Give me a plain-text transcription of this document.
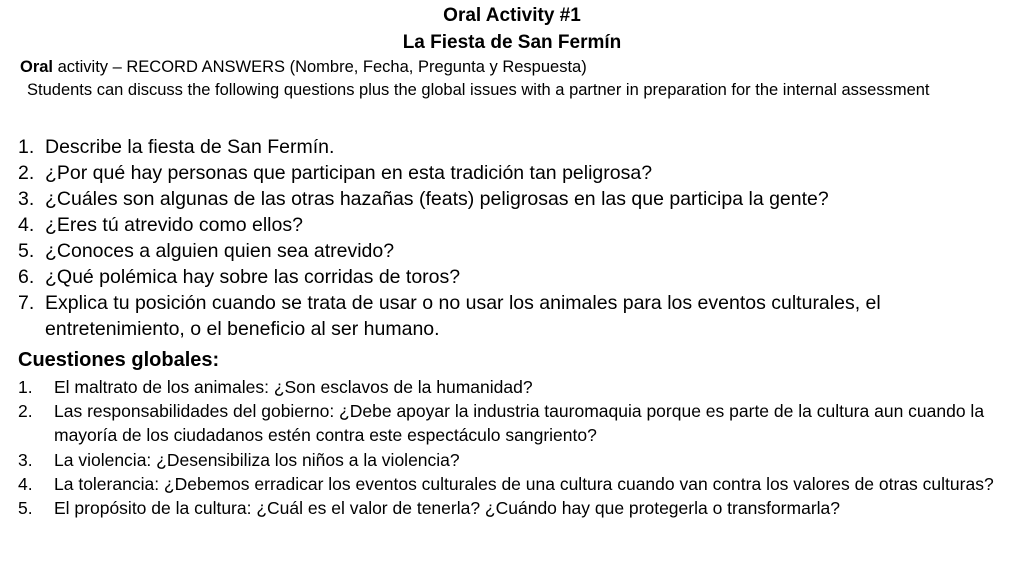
Oral Activity #1
La Fiesta de San Fermín
Oral activity – RECORD ANSWERS (Nombre, Fecha, Pregunta y Respuesta)
Students can discuss the following questions plus the global issues with a partner in preparation for the internal assessment
1. Describe la fiesta de San Fermín.
2. ¿Por qué hay personas que participan en esta tradición tan peligrosa?
3. ¿Cuáles son algunas de las otras hazañas (feats) peligrosas en las que participa la gente?
4. ¿Eres tú atrevido como ellos?
5. ¿Conoces a alguien quien sea atrevido?
6. ¿Qué polémica hay sobre las corridas de toros?
7. Explica tu posición cuando se trata de usar o no usar los animales para los eventos culturales, el entretenimiento, o el beneficio al ser humano.
Cuestiones globales:
1. El maltrato de los animales: ¿Son esclavos de la humanidad?
2. Las responsabilidades del gobierno: ¿Debe apoyar la industria tauromaquia porque es parte de la cultura aun cuando la mayoría de los ciudadanos estén contra este espectáculo sangriento?
3. La violencia: ¿Desensibiliza los niños a la violencia?
4. La tolerancia: ¿Debemos erradicar los eventos culturales de una cultura cuando van contra los valores de otras culturas?
5. El propósito de la cultura: ¿Cuál es el valor de tenerla? ¿Cuándo hay que protegerla o transformarla?
